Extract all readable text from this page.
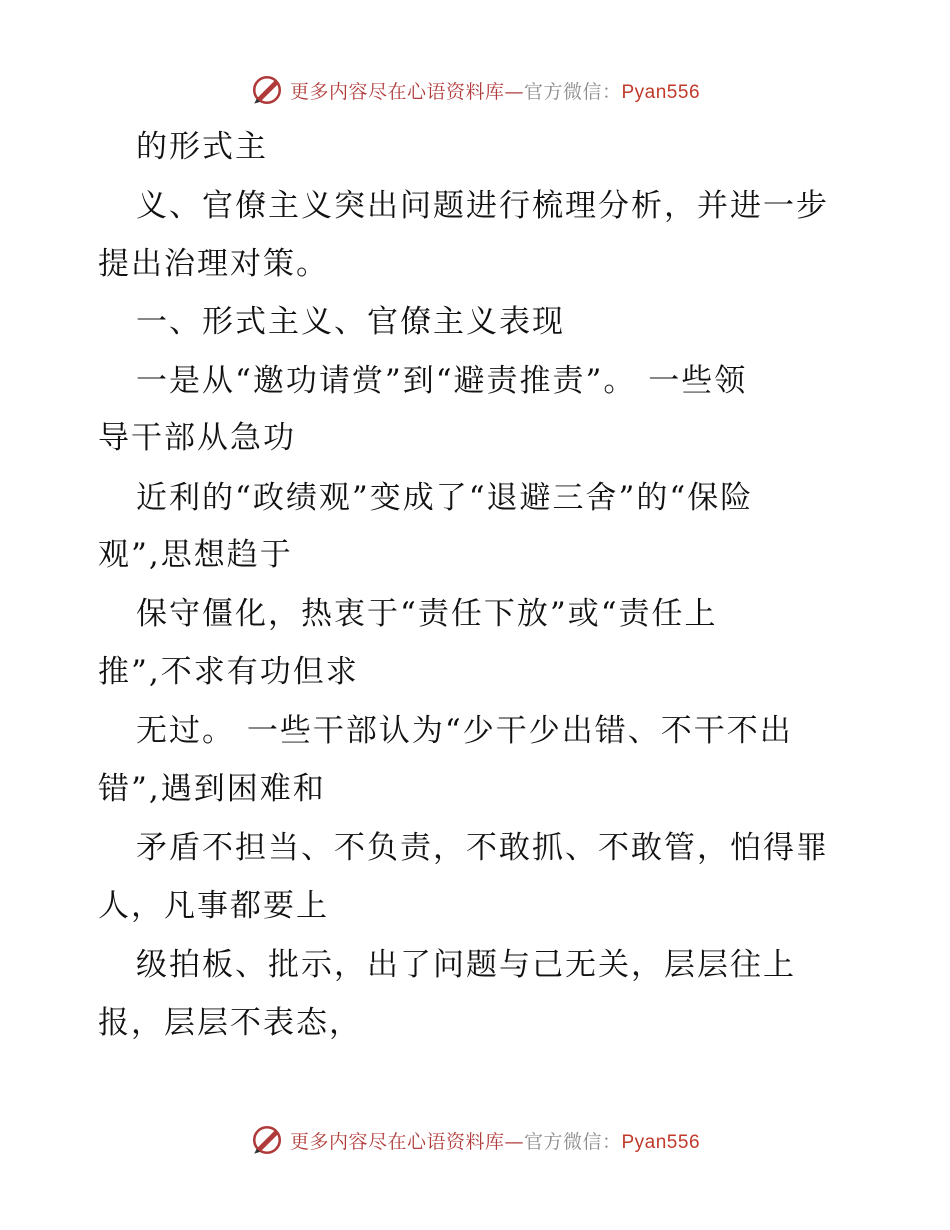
更多内容尽在心语资料库—官方微信：Pyan556
的形式主
义、官僚主义突出问题进行梳理分析，并进一步
提出治理对策。
一、形式主义、官僚主义表现
一是从“邀功请赏”到“避责推责”。 一些领
导干部从急功
近利的“政绩观”变成了“退避三舍”的“保险
观”,思想趋于
保守僵化，热衷于“责任下放”或“责任上
推”,不求有功但求
无过。 一些干部认为“少干少出错、不干不出
错”,遇到困难和
矛盾不担当、不负责，不敢抓、不敢管，怕得罪
人，凡事都要上
级拍板、批示，出了问题与己无关，层层往上
报，层层不表态，
更多内容尽在心语资料库—官方微信：Pyan556
